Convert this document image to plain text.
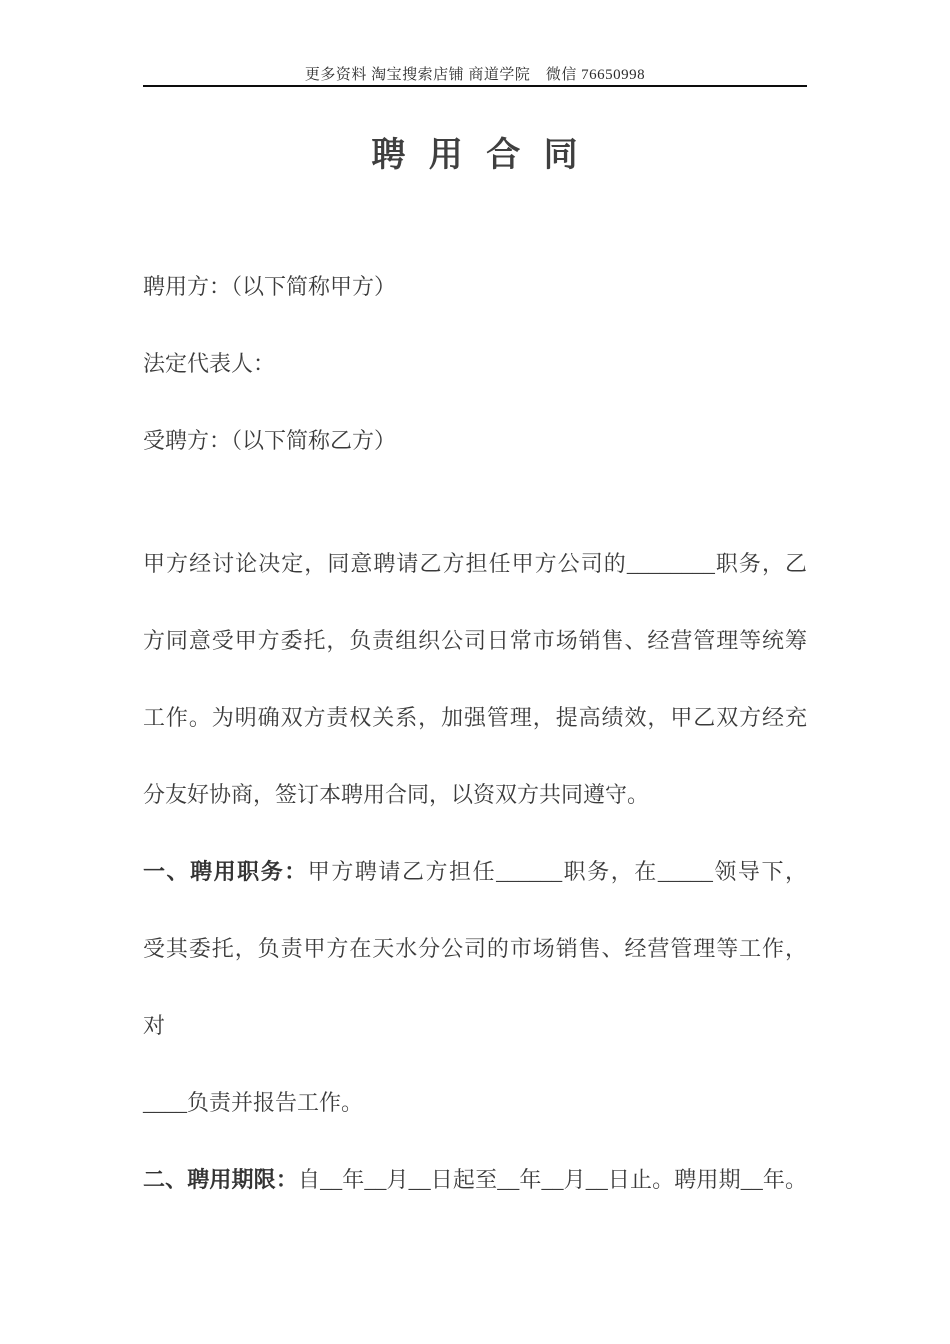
更多资料 淘宝搜索店铺 商道学院　微信 76650998
聘 用 合 同
聘用方：（以下简称甲方）
法定代表人：
受聘方：（以下简称乙方）
甲方经讨论决定，同意聘请乙方担任甲方公司的________职务，乙
方同意受甲方委托，负责组织公司日常市场销售、经营管理等统筹
工作。为明确双方责权关系，加强管理，提高绩效，甲乙双方经充
分友好协商，签订本聘用合同，以资双方共同遵守。
一、聘用职务：甲方聘请乙方担任______职务，在_____领导下，
受其委托，负责甲方在天水分公司的市场销售、经营管理等工作，
对
____负责并报告工作。
二、聘用期限：自__年__月__日起至__年__月__日止。聘用期__年。
